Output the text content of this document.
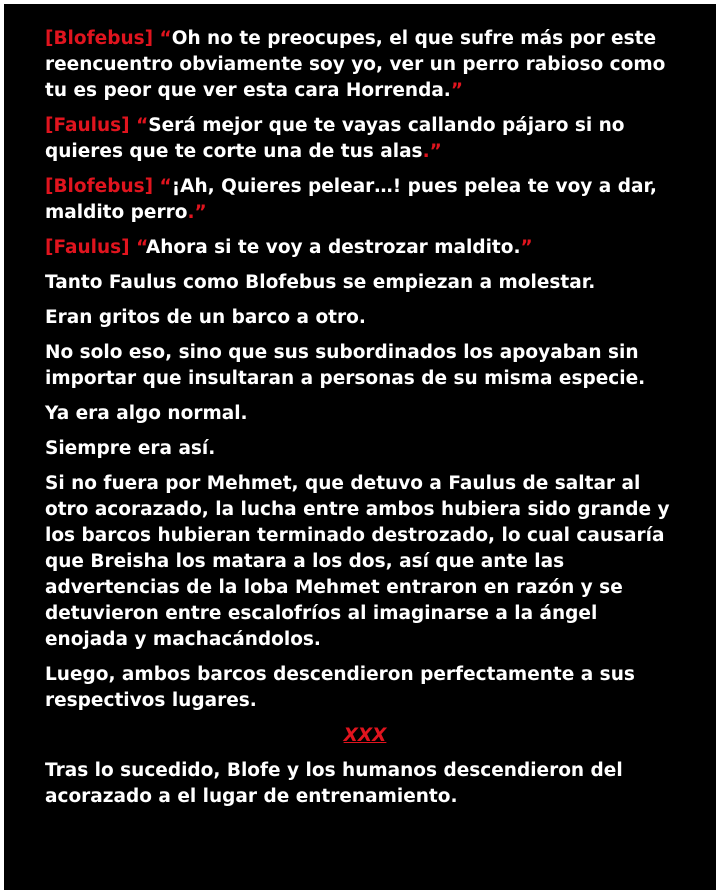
[Blofebus] “Oh no te preocupes, el que sufre más por este reencuentro obviamente soy yo, ver un perro rabioso como tu es peor que ver esta cara Horrenda.”

[Faulus] “Será mejor que te vayas callando pájaro si no quieres que te corte una de tus alas.”

[Blofebus] “¡Ah, Quieres pelear…! pues pelea te voy a dar, maldito perro.”

[Faulus] “Ahora si te voy a destrozar maldito.”

Tanto Faulus como Blofebus se empiezan a molestar.

Eran gritos de un barco a otro.

No solo eso, sino que sus subordinados los apoyaban sin importar que insultaran a personas de su misma especie.

Ya era algo normal.

Siempre era así.

Si no fuera por Mehmet, que detuvo a Faulus de saltar al otro acorazado, la lucha entre ambos hubiera sido grande y los barcos hubieran terminado destrozado, lo cual causaría que Breisha los matara a los dos, así que ante las advertencias de la loba Mehmet entraron en razón y se detuvieron entre escalofríos al imaginarse a la ángel enojada y machacándolos.

Luego, ambos barcos descendieron perfectamente a sus respectivos lugares.

XXX

Tras lo sucedido, Blofe y los humanos descendieron del acorazado a el lugar de entrenamiento.
